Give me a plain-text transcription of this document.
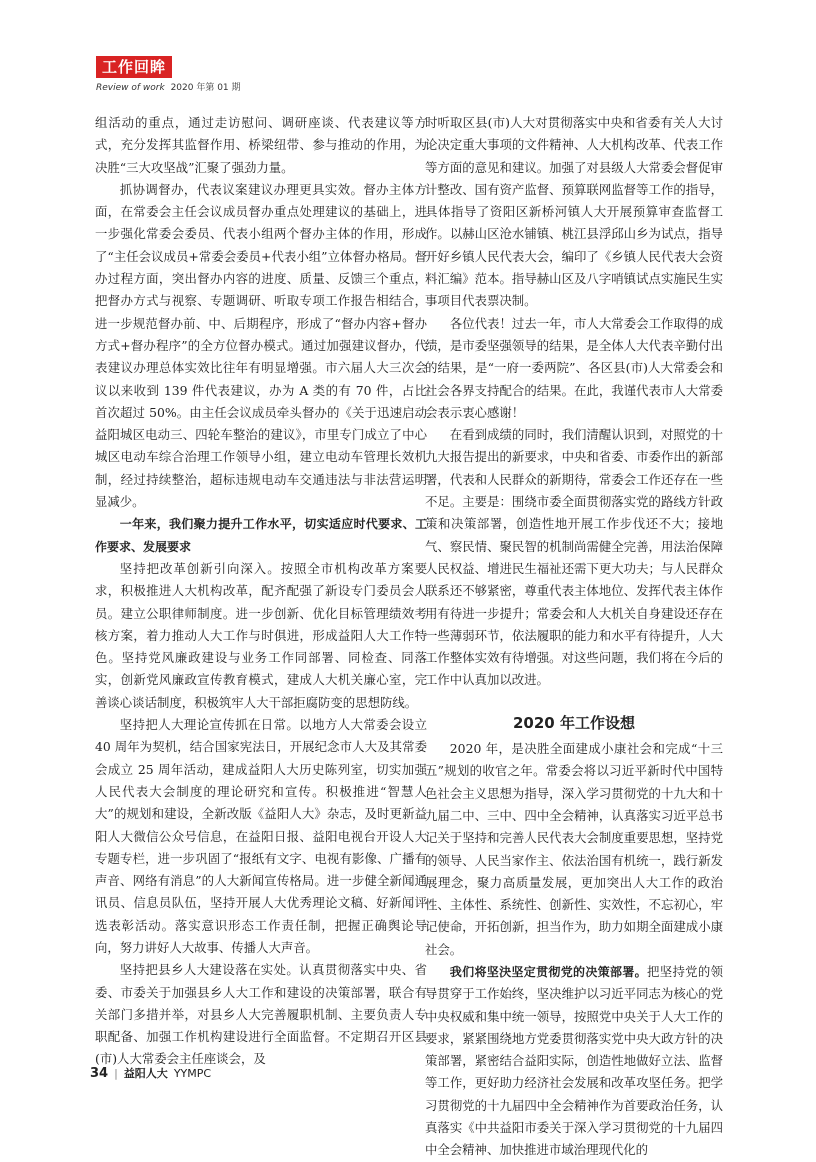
工作回眸
Review of work 2020 年第 01 期

组活动的重点，通过走访慰问、调研座谈、代表建议等方式，充分发挥其监督作用、桥梁纽带、参与推动的作用，为决胜“三大攻坚战”汇聚了强劲力量。

抓协调督办，代表议案建议办理更具实效。督办主体方面，在常委会主任会议成员督办重点处理建议的基础上，进一步强化常委会委员、代表小组两个督办主体的作用，形成了“主任会议成员+常委会委员+代表小组”立体督办格局。督办过程方面，突出督办内容的进度、质量、反馈三个重点，把督办方式与视察、专题调研、听取专项工作报告相结合，进一步规范督办前、中、后期程序，形成了“督办内容+督办方式+督办程序”的全方位督办模式。通过加强建议督办，代表建议办理总体实效比往年有明显增强。市六届人大三次会议以来收到 139 件代表建议，办为 A 类的有 70 件，占比首次超过 50%。由主任会议成员牵头督办的《关于迅速启动益阳城区电动三、四轮车整治的建议》，市里专门成立了中心城区电动车综合治理工作领导小组，建立电动车管理长效机制，经过持续整治，超标违规电动车交通违法与非法营运明显减少。

一年来，我们聚力提升工作水平，切实适应时代要求、工作要求、发展要求

坚持把改革创新引向深入。按照全市机构改革方案要求，积极推进人大机构改革，配齐配强了新设专门委员会人员。建立公职律师制度。进一步创新、优化目标管理绩效考核方案，着力推动人大工作与时俱进，形成益阳人大工作特色。坚持党风廉政建设与业务工作同部署、同检查、同落实，创新党风廉政宣传教育模式，建成人大机关廉心室，完善谈心谈话制度，积极筑牢人大干部拒腐防变的思想防线。

坚持把人大理论宣传抓在日常。以地方人大常委会设立 40 周年为契机，结合国家宪法日，开展纪念市人大及其常委会成立 25 周年活动，建成益阳人大历史陈列室，切实加强人民代表大会制度的理论研究和宣传。积极推进“智慧人大”的规划和建设，全新改版《益阳人大》杂志，及时更新益阳人大微信公众号信息，在益阳日报、益阳电视台开设人大专题专栏，进一步巩固了“报纸有文字、电视有影像、广播有声音、网络有消息”的人大新闻宣传格局。进一步健全新闻通讯员、信息员队伍，坚持开展人大优秀理论文稿、好新闻评选表彰活动。落实意识形态工作责任制，把握正确舆论导向，努力讲好人大故事、传播人大声音。

坚持把县乡人大建设落在实处。认真贯彻落实中央、省委、市委关于加强县乡人大工作和建设的决策部署，联合有关部门多措并举，对县乡人大完善履职机制、主要负责人专职配备、加强工作机构建设进行全面监督。不定期召开区县(市)人大常委会主任座谈会，及

时听取区县(市)人大对贯彻落实中央和省委有关人大讨论决定重大事项的文件精神、人大机构改革、代表工作等方面的意见和建议。加强了对县级人大常委会督促审计整改、国有资产监督、预算联网监督等工作的指导，具体指导了资阳区新桥河镇人大开展预算审查监督工作。以赫山区沧水铺镇、桃江县浮邱山乡为试点，指导开好乡镇人民代表大会，编印了《乡镇人民代表大会资料汇编》范本。指导赫山区及八字哨镇试点实施民生实事项目代表票决制。

各位代表！过去一年，市人大常委会工作取得的成绩，是市委坚强领导的结果，是全体人大代表辛勤付出的结果，是“一府一委两院”、各区县(市)人大常委会和社会各界支持配合的结果。在此，我谨代表市人大常委会表示衷心感谢！

在看到成绩的同时，我们清醒认识到，对照党的十九大报告提出的新要求，中央和省委、市委作出的新部署，代表和人民群众的新期待，常委会工作还存在一些不足。主要是：围绕市委全面贯彻落实党的路线方针政策和决策部署，创造性地开展工作步伐还不大；接地气、察民情、聚民智的机制尚需健全完善，用法治保障人民权益、增进民生福祉还需下更大功夫；与人民群众联系还不够紧密，尊重代表主体地位、发挥代表主体作用有待进一步提升；常委会和人大机关自身建设还存在一些薄弱环节，依法履职的能力和水平有待提升，人大工作整体实效有待增强。对这些问题，我们将在今后的工作中认真加以改进。

2020 年工作设想

2020 年，是决胜全面建成小康社会和完成“十三五”规划的收官之年。常委会将以习近平新时代中国特色社会主义思想为指导，深入学习贯彻党的十九大和十九届二中、三中、四中全会精神，认真落实习近平总书记关于坚持和完善人民代表大会制度重要思想，坚持党的领导、人民当家作主、依法治国有机统一，践行新发展理念，聚力高质量发展，更加突出人大工作的政治性、主体性、系统性、创新性、实效性，不忘初心，牢记使命，开拓创新，担当作为，助力如期全面建成小康社会。

我们将坚決坚定贯彻党的决策部署。把坚持党的领导贯穿于工作始终，坚决维护以习近平同志为核心的党中央权威和集中统一领导，按照党中央关于人大工作的要求，紧紧围绕地方党委贯彻落实党中央大政方针的决策部署，紧密结合益阳实际，创造性地做好立法、监督等工作，更好助力经济社会发展和改革攻坚任务。把学习贯彻党的十九届四中全会精神作为首要政治任务，认真落实《中共益阳市委关于深入学习贯彻党的十九届四中全会精神、加快推进市域治理现代化的

34 | 益阳人大 YYMPC
